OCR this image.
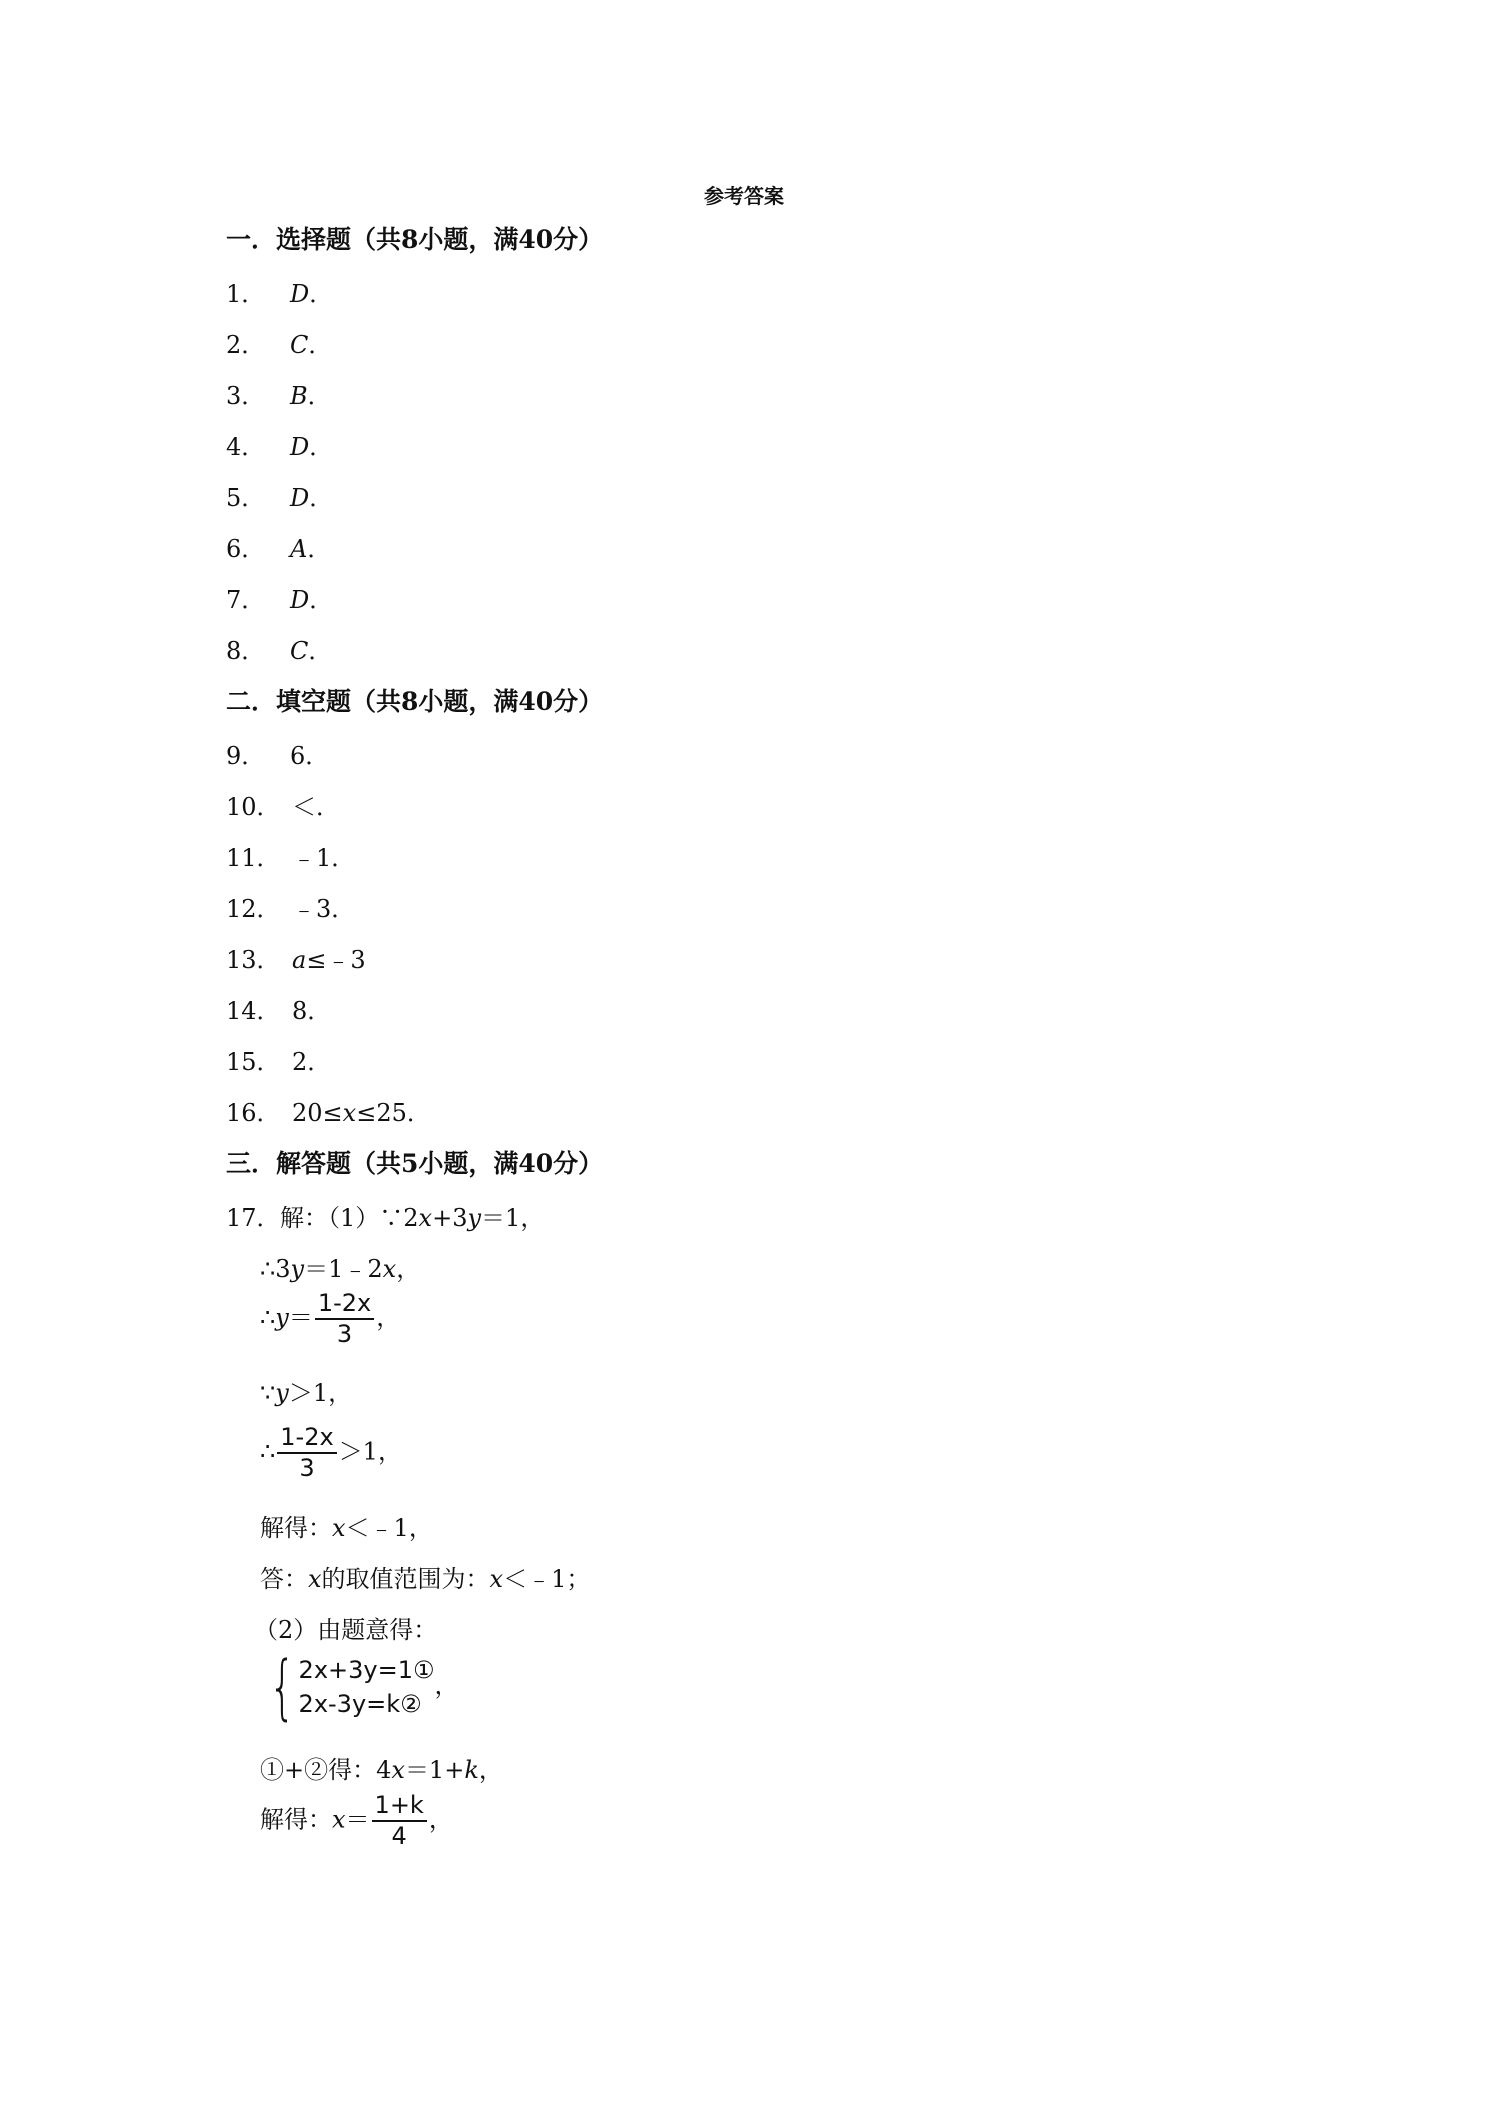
参考答案
一．选择题（共8小题，满40分）
1． D．
2． C．
3． B．
4． D．
5． D．
6． A．
7． D．
8． C．
二．填空题（共8小题，满40分）
9． 6．
10． ＜．
11． ﹣1．
12． ﹣3．
13． a≤﹣3
14． 8．
15． 2．
16． 20≤x≤25．
三．解答题（共5小题，满40分）
17．解：（1）∵2x+3y＝1，
∴3y＝1﹣2x，
∴y＝ $\frac{1-2x}{3}$ ，
∵y＞1，
∴ $\frac{1-2x}{3} >1$，
解得：x＜﹣1，
答：x的取值范围为：x＜﹣1；
（2）由题意得：
{ 2x+3y=1①
2x-3y=k②
，
①+②得：4x＝1+k，
解得：$x= \frac{1+k}{4}$ ，
